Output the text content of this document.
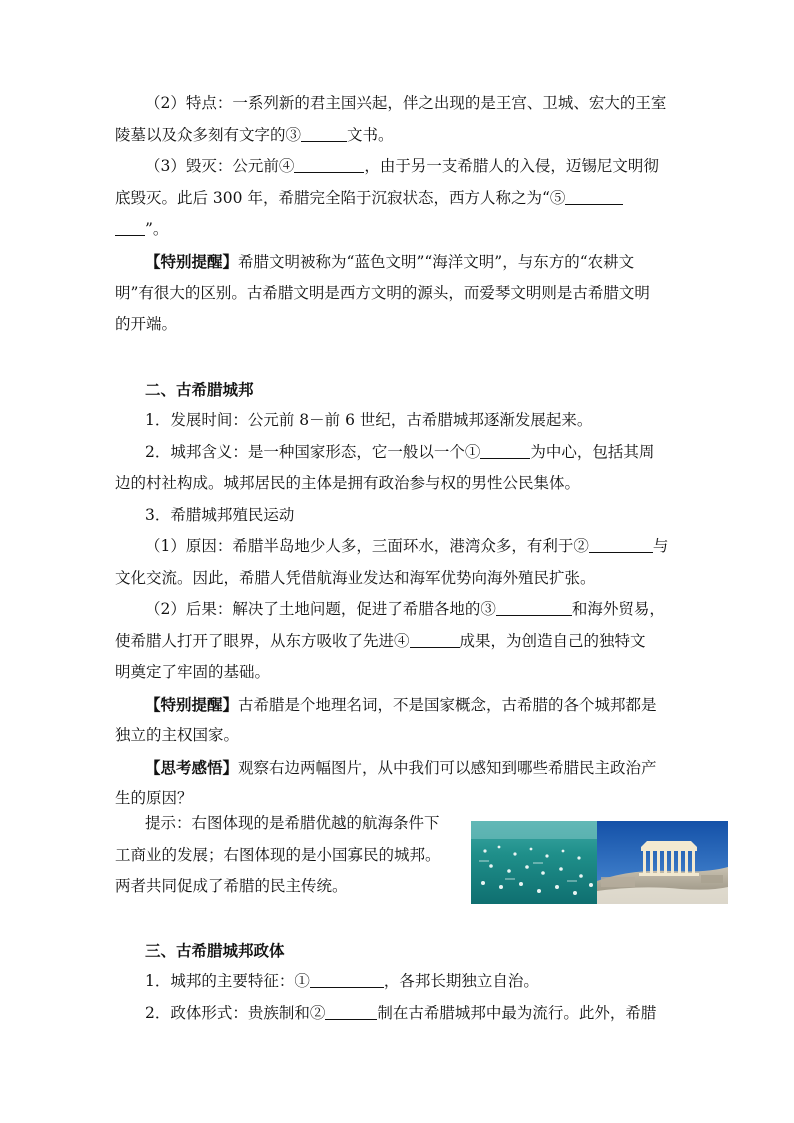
（2）特点：一系列新的君主国兴起，伴之出现的是王宫、卫城、宏大的王室
陵墓以及众多刻有文字的③	文书。
（3）毁灭：公元前④	，由于另一支希腊人的入侵，迈锡尼文明彻
底毁灭。此后 300 年，希腊完全陷于沉寂状态，西方人称之为“⑤
”。
【特别提醒】希腊文明被称为“蓝色文明”“海洋文明”，与东方的“农耕文
明”有很大的区别。古希腊文明是西方文明的源头，而爱琴文明则是古希腊文明
的开端。
二、古希腊城邦
1．发展时间：公元前 8－前 6 世纪，古希腊城邦逐渐发展起来。
2．城邦含义：是一种国家形态，它一般以一个①	为中心，包括其周
边的村社构成。城邦居民的主体是拥有政治参与权的男性公民集体。
3．希腊城邦殖民运动
（1）原因：希腊半岛地少人多，三面环水，港湾众多，有利于②	与
文化交流。因此，希腊人凭借航海业发达和海军优势向海外殖民扩张。
（2）后果：解决了土地问题，促进了希腊各地的③	和海外贸易，
使希腊人打开了眼界，从东方吸收了先进④	成果，为创造自己的独特文
明奠定了牢固的基础。
【特别提醒】古希腊是个地理名词，不是国家概念，古希腊的各个城邦都是
独立的主权国家。
【思考感悟】观察右边两幅图片，从中我们可以感知到哪些希腊民主政治产
生的原因？
提示：右图体现的是希腊优越的航海条件下
工商业的发展；右图体现的是小国寡民的城邦。
两者共同促成了希腊的民主传统。
三、古希腊城邦政体
1．城邦的主要特征：①	，各邦长期独立自治。
2．政体形式：贵族制和②	制在古希腊城邦中最为流行。此外，希腊
